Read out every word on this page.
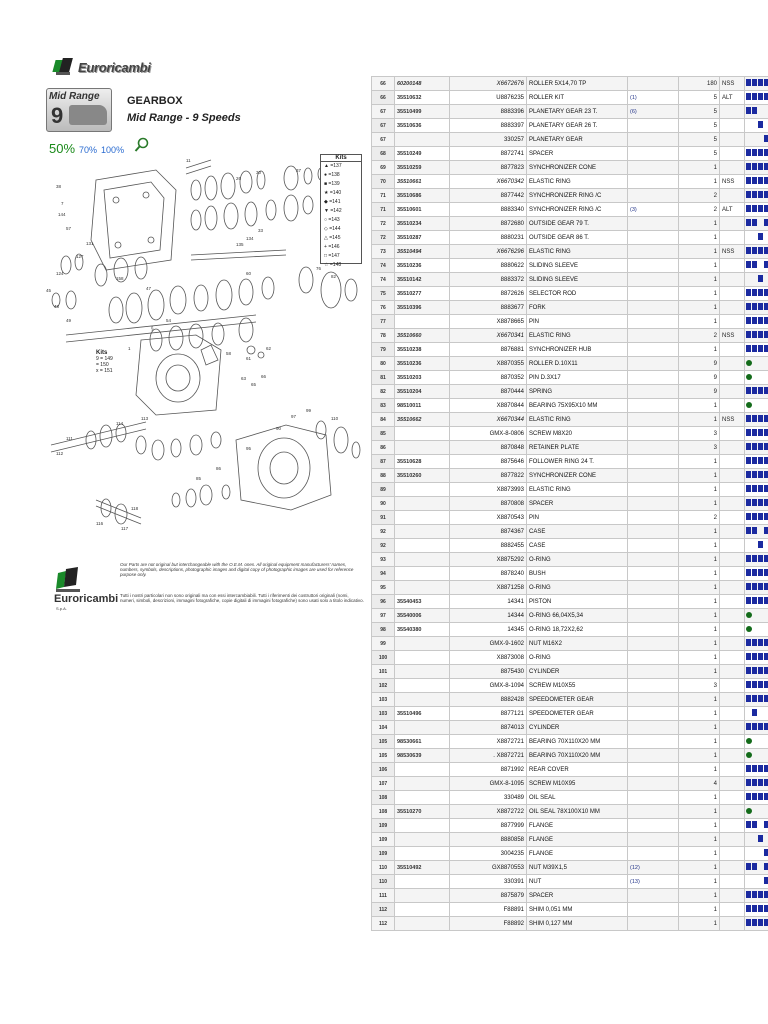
Euroricambi
Mid Range
9
GEARBOX
Mid Range - 9 Speeds
50% 70% 100%
11
26
30	37
38
7
144
57
158
131
127
124
134
135
33
47
60
76
82
45
48
49
1
§
54
58
61
62
63
65
66
113
114
111
112
97
99
110
90
95
86
85
116
117
118
Kits
▲ =137
● =138
■ =139
★ =140
◆ =141
▼ =142
○ =143
◇ =144
△ =145
+ =146
□ =147
☆ =148
Kits
9 = 149
= 150
x = 151
Euroricambi
S.p.A.
Our Parts are not original but interchangeable with the O.E.M. ones. All original equipment manufacturers' names, numbers, symbols, descriptions, photographic images and digital copy of photographic images are used for reference purpose only.
Tutti i nostri particolari non sono originali ma con essi intercambiabili. Tutti i riferimenti dei costruttori originali (nomi, numeri, simboli, descrizioni, immagini fotografiche, copie digitali di immagini fotografiche) sono usati solo a titolo indicativo.
66	60200148	X6672676	ROLLER 5X14,70 TP		180	NSS	
66	35510632	U8876235	ROLLER KIT	(1)	5	ALT	
67	35510499	8883396	PLANETARY GEAR 23 T.	(6)	5		
67	35510636	8883397	PLANETARY GEAR 26 T.		5		
67		330257	PLANETARY GEAR		5		
68	35510249	8872741	SPACER		5		
69	35510259	8877823	SYNCHRONIZER CONE		1		
70	35510661	X6670342	ELASTIC RING		1	NSS	
71	35510686	8877442	SYNCHRONIZER RING /C		2		
71	35510601	8883340	SYNCHRONIZER RING /C	(3)	2	ALT	
72	35510234	8872680	OUTSIDE GEAR 79 T.		1		
72	35510287	8880231	OUTSIDE GEAR 86 T.		1		
73	35510494	X6676296	ELASTIC RING		1	NSS	
74	35510236	8880622	SLIDING SLEEVE		1		
74	35510142	8883372	SLIDING SLEEVE		1		
75	35510277	8872626	SELECTOR ROD		1		
76	35510396	8883677	FORK		1		
77		X8878665	PIN		1		
78	35510660	X6670341	ELASTIC RING		2	NSS	
79	35510238	8876881	SYNCHRONIZER HUB		1		
80	35510236	X8870355	ROLLER D.10X11		9		
81	35510203	8870352	PIN D.3X17		9		
82	35510204	8870444	SPRING		9		
83	98510011	X8870844	BEARING 75X95X10 MM		1		
84	35510662	X6670344	ELASTIC RING		1	NSS	
85		GMX-8-0806	SCREW M8X20		3		
86		8870848	RETAINER PLATE		3		
87	35510628	8875646	FOLLOWER RING 24 T.		1		
88	35510260	8877822	SYNCHRONIZER CONE		1		
89		X8873993	ELASTIC RING		1		
90		8870808	SPACER		1		
91		X8870543	PIN		2		
92		8874367	CASE		1		
92		8882455	CASE		1		
93		X8875292	O-RING		1		
94		8878240	BUSH		1		
95		X8871258	O-RING		1		
96	35540453	14341	PISTON		1		
97	35540006	14344	O-RING 66,04X5,34		1		
98	35540380	14345	O-RING 18,72X2,62		1		
99		GMX-9-1602	NUT M16X2		1		
100		X8873008	O-RING		1		
101		8875430	CYLINDER		1		
102		GMX-8-1094	SCREW M10X55		3		
103		8882428	SPEEDOMETER GEAR		1		
103	35510496	8877121	SPEEDOMETER GEAR		1		
104		8874013	CYLINDER		1		
105	98530661	X8872721	BEARING 70X110X20 MM		1		
105	98530639	. X8872721	BEARING 70X110X20 MM		1		
106		8871992	REAR COVER		1		
107		GMX-8-1095	SCREW M10X95		4		
108		330489	OIL SEAL		1		
108	35510270	X8872722	OIL SEAL 78X100X10 MM		1		
109		8877999	FLANGE		1		
109		8880858	FLANGE		1		
109		3004235	FLANGE		1		
110	35510492	GX8870553	NUT M39X1,5	(12)	1		
110		330391	NUT	(13)	1		
111		8875879	SPACER		1		
112		F88891	SHIM 0,051 MM		1		
112		F88892	SHIM 0,127 MM		1		
